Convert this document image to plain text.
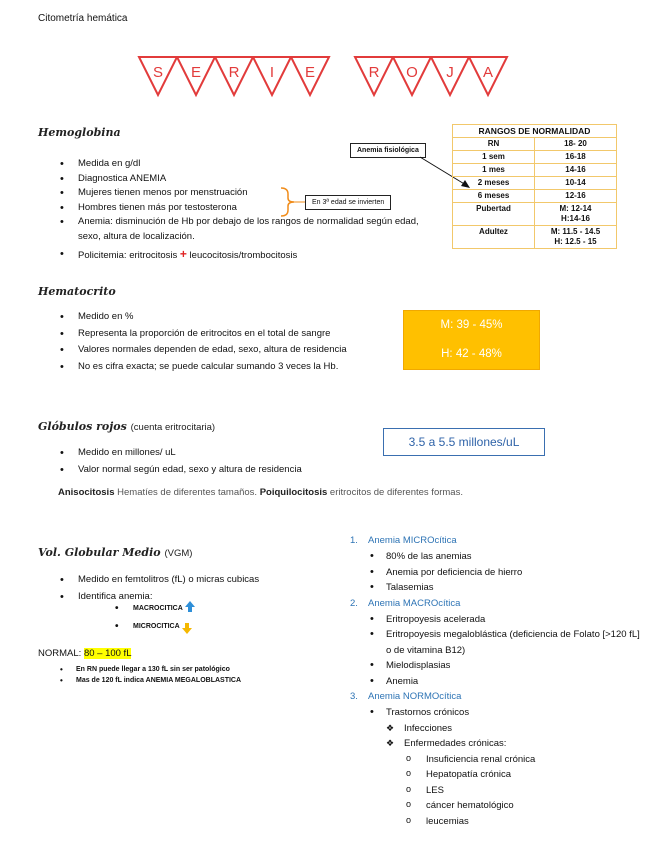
Citometría hemática
S E R I E	R O J A
Hemoglobina
• Medida en g/dl
• Diagnostica ANEMIA
• Mujeres tienen menos por menstruación
• Hombres tienen más por testosterona
• Anemia: disminución de Hb por debajo de los rangos de normalidad según edad, sexo, altura de localización.
• Policitemia: eritrocitosis + leucocitosis/trombocitosis
En 3ª edad se invierten
Anemia fisiológica
RANGOS DE NORMALIDAD	
RN	18- 20

1 sem	16-18

1 mes	14-16

2 meses	10-14

6 meses	12-16

Pubertad	M: 12-14
H:14-16

Adultez	M: 11.5 - 14.5
H: 12.5 - 15
Hematocrito
• Medido en %
• Representa la proporción de eritrocitos en el total de sangre
• Valores normales dependen de edad, sexo, altura de residencia
• No es cifra exacta; se puede calcular sumando 3 veces la Hb.
M: 39 - 45%
H: 42 - 48%
Glóbulos rojos (cuenta eritrocitaria)
• Medido en millones/ uL
• Valor normal según edad, sexo y altura de residencia
3.5 a 5.5 millones/uL
Anisocitosis Hematíes de diferentes tamaños. Poiquilocitosis eritrocitos de diferentes formas.
Vol. Globular Medio (VGM)
• Medido en femtolitros (fL) o micras cubicas
• Identifica anemia:
• MACROCITICA
• MICROCITICA
NORMAL: 80 – 100 fL
• En RN puede llegar a 130 fL sin ser patológico
• Mas de 120 fL indica ANEMIA MEGALOBLASTICA
1. Anemia MICROcítica
• 80% de las anemias
• Anemia por deficiencia de hierro
• Talasemias
2. Anemia MACROcítica
• Eritropoyesis acelerada
• Eritropoyesis megaloblástica (deficiencia de Folato [>120 fL] o de vitamina B12)
• Mielodisplasias
• Anemia
3. Anemia NORMOcítica
• Trastornos crónicos
❖ Infecciones
❖ Enfermedades crónicas:
o Insuficiencia renal crónica
o Hepatopatía crónica
o LES
o cáncer hematológico
o leucemias
